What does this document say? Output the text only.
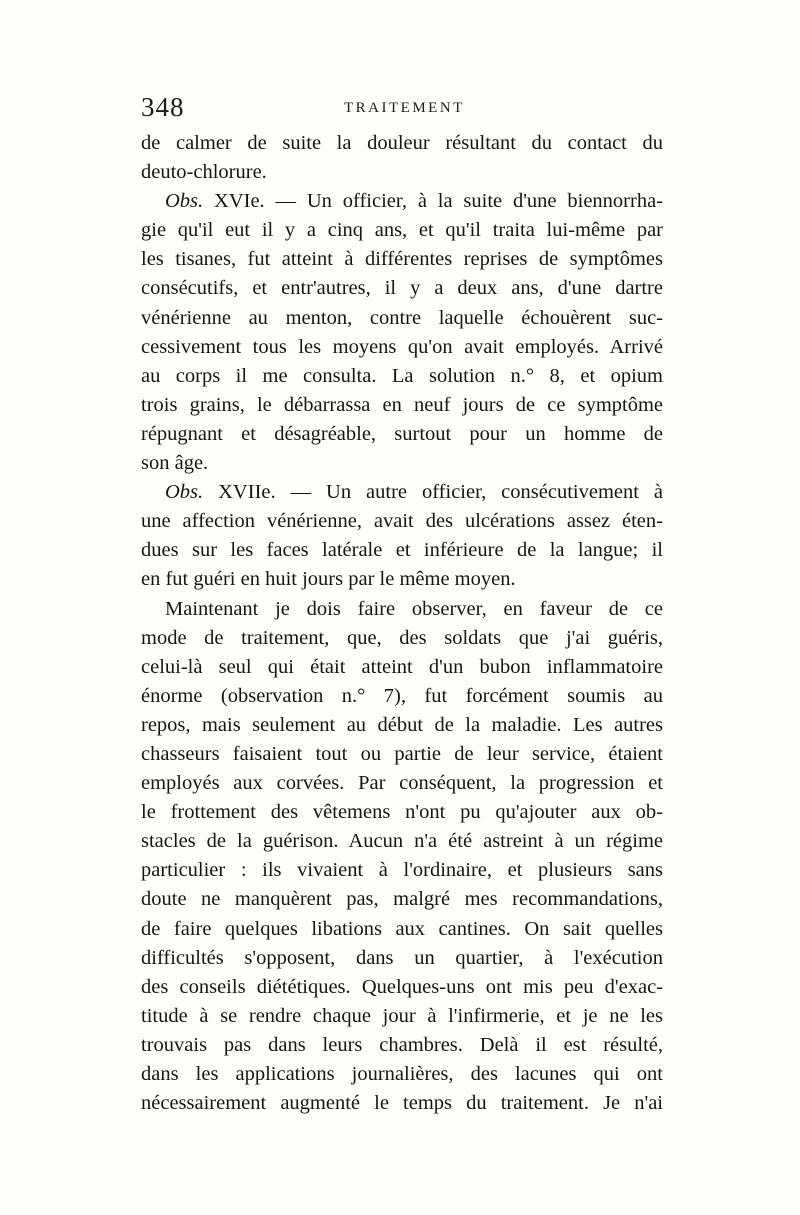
348	TRAITEMENT
de calmer de suite la douleur résultant du contact du
deuto-chlorure.
Obs. XVIe. — Un officier, à la suite d'une biennorrha-
gie qu'il eut il y a cinq ans, et qu'il traita lui-même par
les tisanes, fut atteint à différentes reprises de symptômes
consécutifs, et entr'autres, il y a deux ans, d'une dartre
vénérienne au menton, contre laquelle échouèrent suc-
cessivement tous les moyens qu'on avait employés. Arrivé
au corps il me consulta. La solution n.° 8, et opium
trois grains, le débarrassa en neuf jours de ce symptôme
répugnant et désagréable, surtout pour un homme de
son âge.
Obs. XVIIe. — Un autre officier, consécutivement à
une affection vénérienne, avait des ulcérations assez éten-
dues sur les faces latérale et inférieure de la langue; il
en fut guéri en huit jours par le même moyen.
Maintenant je dois faire observer, en faveur de ce
mode de traitement, que, des soldats que j'ai guéris,
celui-là seul qui était atteint d'un bubon inflammatoire
énorme (observation n.° 7), fut forcément soumis au
repos, mais seulement au début de la maladie. Les autres
chasseurs faisaient tout ou partie de leur service, étaient
employés aux corvées. Par conséquent, la progression et
le frottement des vêtemens n'ont pu qu'ajouter aux ob-
stacles de la guérison. Aucun n'a été astreint à un régime
particulier : ils vivaient à l'ordinaire, et plusieurs sans
doute ne manquèrent pas, malgré mes recommandations,
de faire quelques libations aux cantines. On sait quelles
difficultés s'opposent, dans un quartier, à l'exécution
des conseils diététiques. Quelques-uns ont mis peu d'exac-
titude à se rendre chaque jour à l'infirmerie, et je ne les
trouvais pas dans leurs chambres. Delà il est résulté,
dans les applications journalières, des lacunes qui ont
nécessairement augmenté le temps du traitement. Je n'ai
